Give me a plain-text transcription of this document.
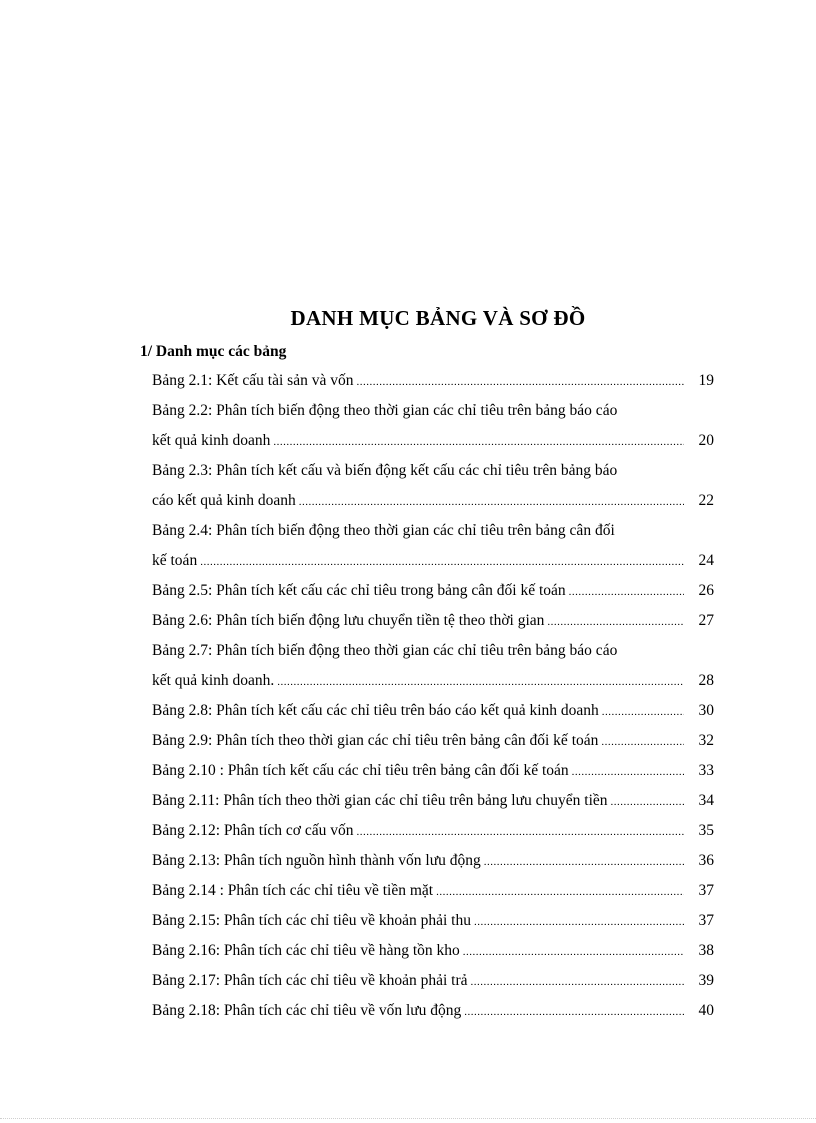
DANH MỤC BẢNG VÀ SƠ ĐỒ
1/ Danh mục các bảng
Bảng 2.1: Kết cấu tài sản và vốn .....	19
Bảng 2.2: Phân tích biến động theo thời gian các chỉ tiêu trên bảng báo cáo
kết quả kinh doanh .....	20
Bảng 2.3: Phân tích kết cấu và biến động kết cấu các chỉ tiêu trên bảng báo
cáo kết quả kinh doanh .....	22
Bảng 2.4: Phân tích biến động theo thời gian các chỉ tiêu trên bảng cân đối
kế toán .....	24
Bảng 2.5: Phân tích kết cấu các chỉ tiêu trong bảng cân đối kế toán .....	26
Bảng 2.6: Phân tích biến động lưu chuyển tiền tệ theo thời gian .....	27
Bảng 2.7: Phân tích biến động theo thời gian các chỉ tiêu trên bảng báo cáo
kết quả kinh doanh. .....	28
Bảng 2.8: Phân tích kết cấu các chỉ tiêu trên báo cáo kết quả kinh doanh .....	30
Bảng 2.9: Phân tích theo thời gian các chỉ tiêu trên bảng cân đối kế toán .....	32
Bảng 2.10 : Phân tích kết cấu các chỉ tiêu trên bảng cân đối kế toán .....	33
Bảng 2.11: Phân tích theo thời gian các chỉ tiêu trên bảng lưu chuyển tiền .....	34
Bảng 2.12: Phân tích cơ cấu vốn .....	35
Bảng 2.13: Phân tích nguồn hình thành vốn lưu động .....	36
Bảng 2.14 : Phân tích các chỉ tiêu về tiền mặt .....	37
Bảng 2.15: Phân tích các chỉ tiêu về khoản phải thu .....	37
Bảng 2.16: Phân tích các chỉ tiêu về hàng tồn kho .....	38
Bảng 2.17: Phân tích các chỉ tiêu về khoản phải trả .....	39
Bảng 2.18: Phân tích các chỉ tiêu về vốn lưu động .....	40
